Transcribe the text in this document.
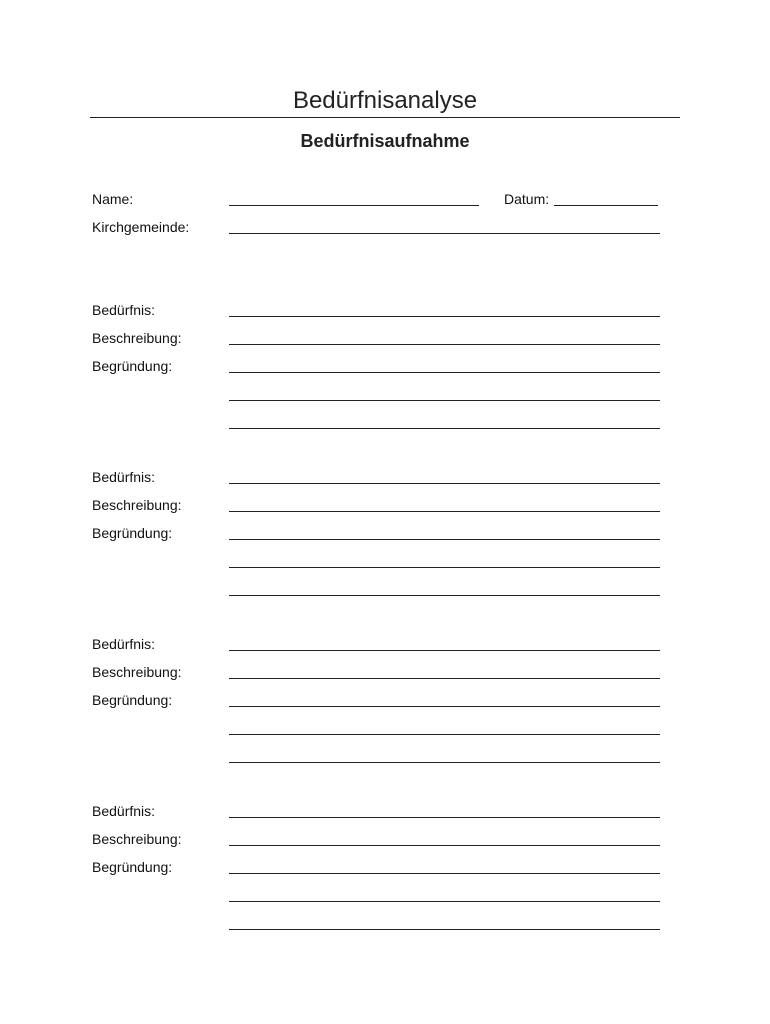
Bedürfnisanalyse
Bedürfnisaufnahme
Name:	Datum:
Kirchgemeinde:
Bedürfnis:
Beschreibung:
Begründung:
Bedürfnis:
Beschreibung:
Begründung:
Bedürfnis:
Beschreibung:
Begründung:
Bedürfnis:
Beschreibung:
Begründung:
